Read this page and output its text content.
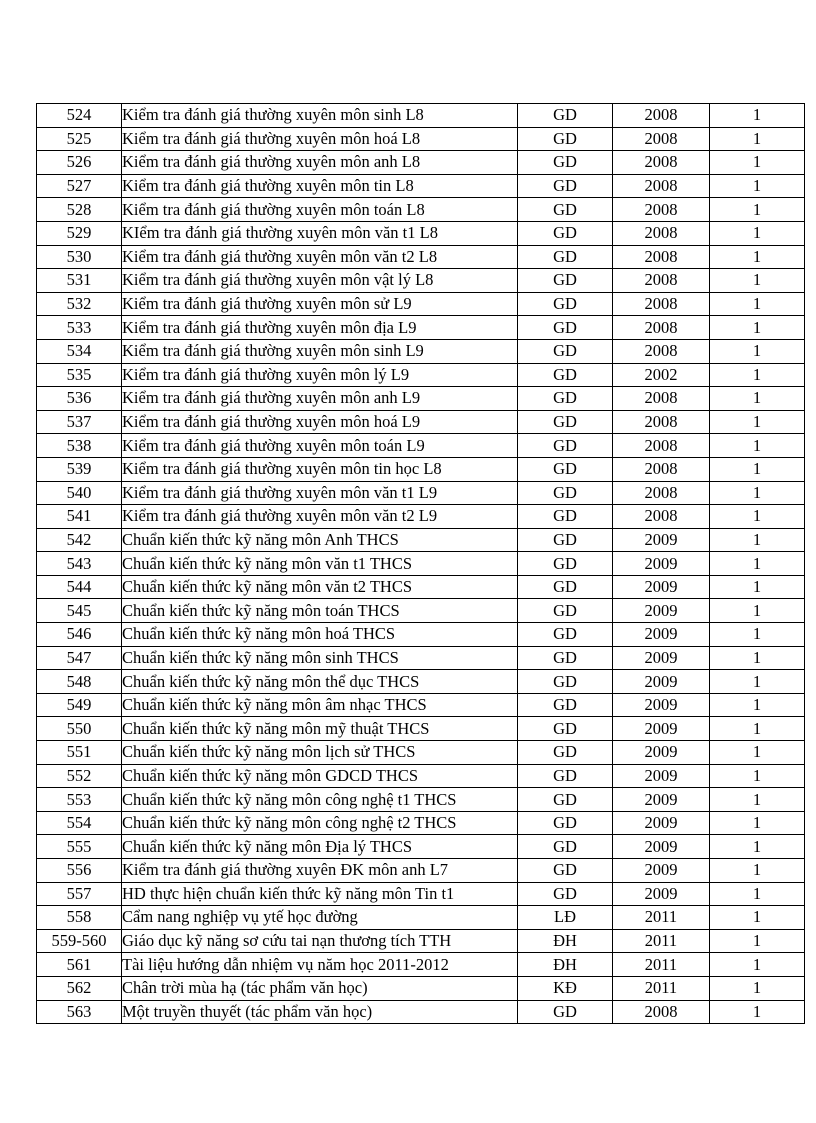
524	Kiểm tra đánh giá thường xuyên môn sinh L8	GD	2008	1
525	Kiểm tra đánh giá thường xuyên môn hoá L8	GD	2008	1
526	Kiểm tra đánh giá thường xuyên môn anh L8	GD	2008	1
527	Kiểm tra đánh giá thường xuyên môn tin L8	GD	2008	1
528	Kiểm tra đánh giá thường xuyên môn toán L8	GD	2008	1
529	KIểm tra đánh giá thường xuyên môn văn t1 L8	GD	2008	1
530	Kiểm tra đánh giá thường xuyên môn văn t2 L8	GD	2008	1
531	Kiểm tra đánh giá thường xuyên môn vật lý L8	GD	2008	1
532	Kiểm tra đánh giá thường xuyên môn sử L9	GD	2008	1
533	Kiểm tra đánh giá thường xuyên môn địa L9	GD	2008	1
534	Kiểm tra đánh giá thường xuyên môn sinh L9	GD	2008	1
535	Kiểm tra đánh giá thường xuyên môn lý L9	GD	2002	1
536	Kiểm tra đánh giá thường xuyên môn anh L9	GD	2008	1
537	Kiểm tra đánh giá thường xuyên môn hoá L9	GD	2008	1
538	Kiểm tra đánh giá thường xuyên môn toán L9	GD	2008	1
539	Kiểm tra đánh giá thường xuyên môn tin học L8	GD	2008	1
540	Kiểm tra đánh giá thường xuyên môn văn t1 L9	GD	2008	1
541	Kiểm tra đánh giá thường xuyên môn văn t2 L9	GD	2008	1
542	Chuẩn kiến thức kỹ năng môn Anh THCS	GD	2009	1
543	Chuẩn kiến thức kỹ năng môn văn t1 THCS	GD	2009	1
544	Chuẩn kiến thức kỹ năng môn văn t2 THCS	GD	2009	1
545	Chuẩn kiến thức kỹ năng môn toán THCS	GD	2009	1
546	Chuẩn kiến thức kỹ năng môn hoá THCS	GD	2009	1
547	Chuẩn kiến thức kỹ năng môn sinh THCS	GD	2009	1
548	Chuẩn kiến thức kỹ năng môn thể dục THCS	GD	2009	1
549	Chuẩn kiến thức kỹ năng môn âm nhạc THCS	GD	2009	1
550	Chuẩn kiến thức kỹ năng môn mỹ thuật THCS	GD	2009	1
551	Chuẩn kiến thức kỹ năng môn lịch sử THCS	GD	2009	1
552	Chuẩn kiến thức kỹ năng môn GDCD THCS	GD	2009	1
553	Chuẩn kiến thức kỹ năng môn công nghệ t1 THCS	GD	2009	1
554	Chuẩn kiến thức kỹ năng môn công nghệ t2 THCS	GD	2009	1
555	Chuẩn kiến thức kỹ năng môn Địa lý THCS	GD	2009	1
556	Kiểm tra đánh giá thường xuyên ĐK môn anh L7	GD	2009	1
557	HD thực hiện chuẩn kiến thức kỹ năng môn Tin t1	GD	2009	1
558	Cẩm nang nghiệp vụ ytế học đường	LĐ	2011	1
559-560	Giáo dục kỹ năng sơ cứu tai nạn thương tích TTH	ĐH	2011	1
561	Tài liệu hướng dẫn nhiệm vụ năm học 2011-2012	ĐH	2011	1
562	Chân trời mùa hạ (tác phẩm văn học)	KĐ	2011	1
563	Một truyền thuyết (tác phẩm văn học)	GD	2008	1
